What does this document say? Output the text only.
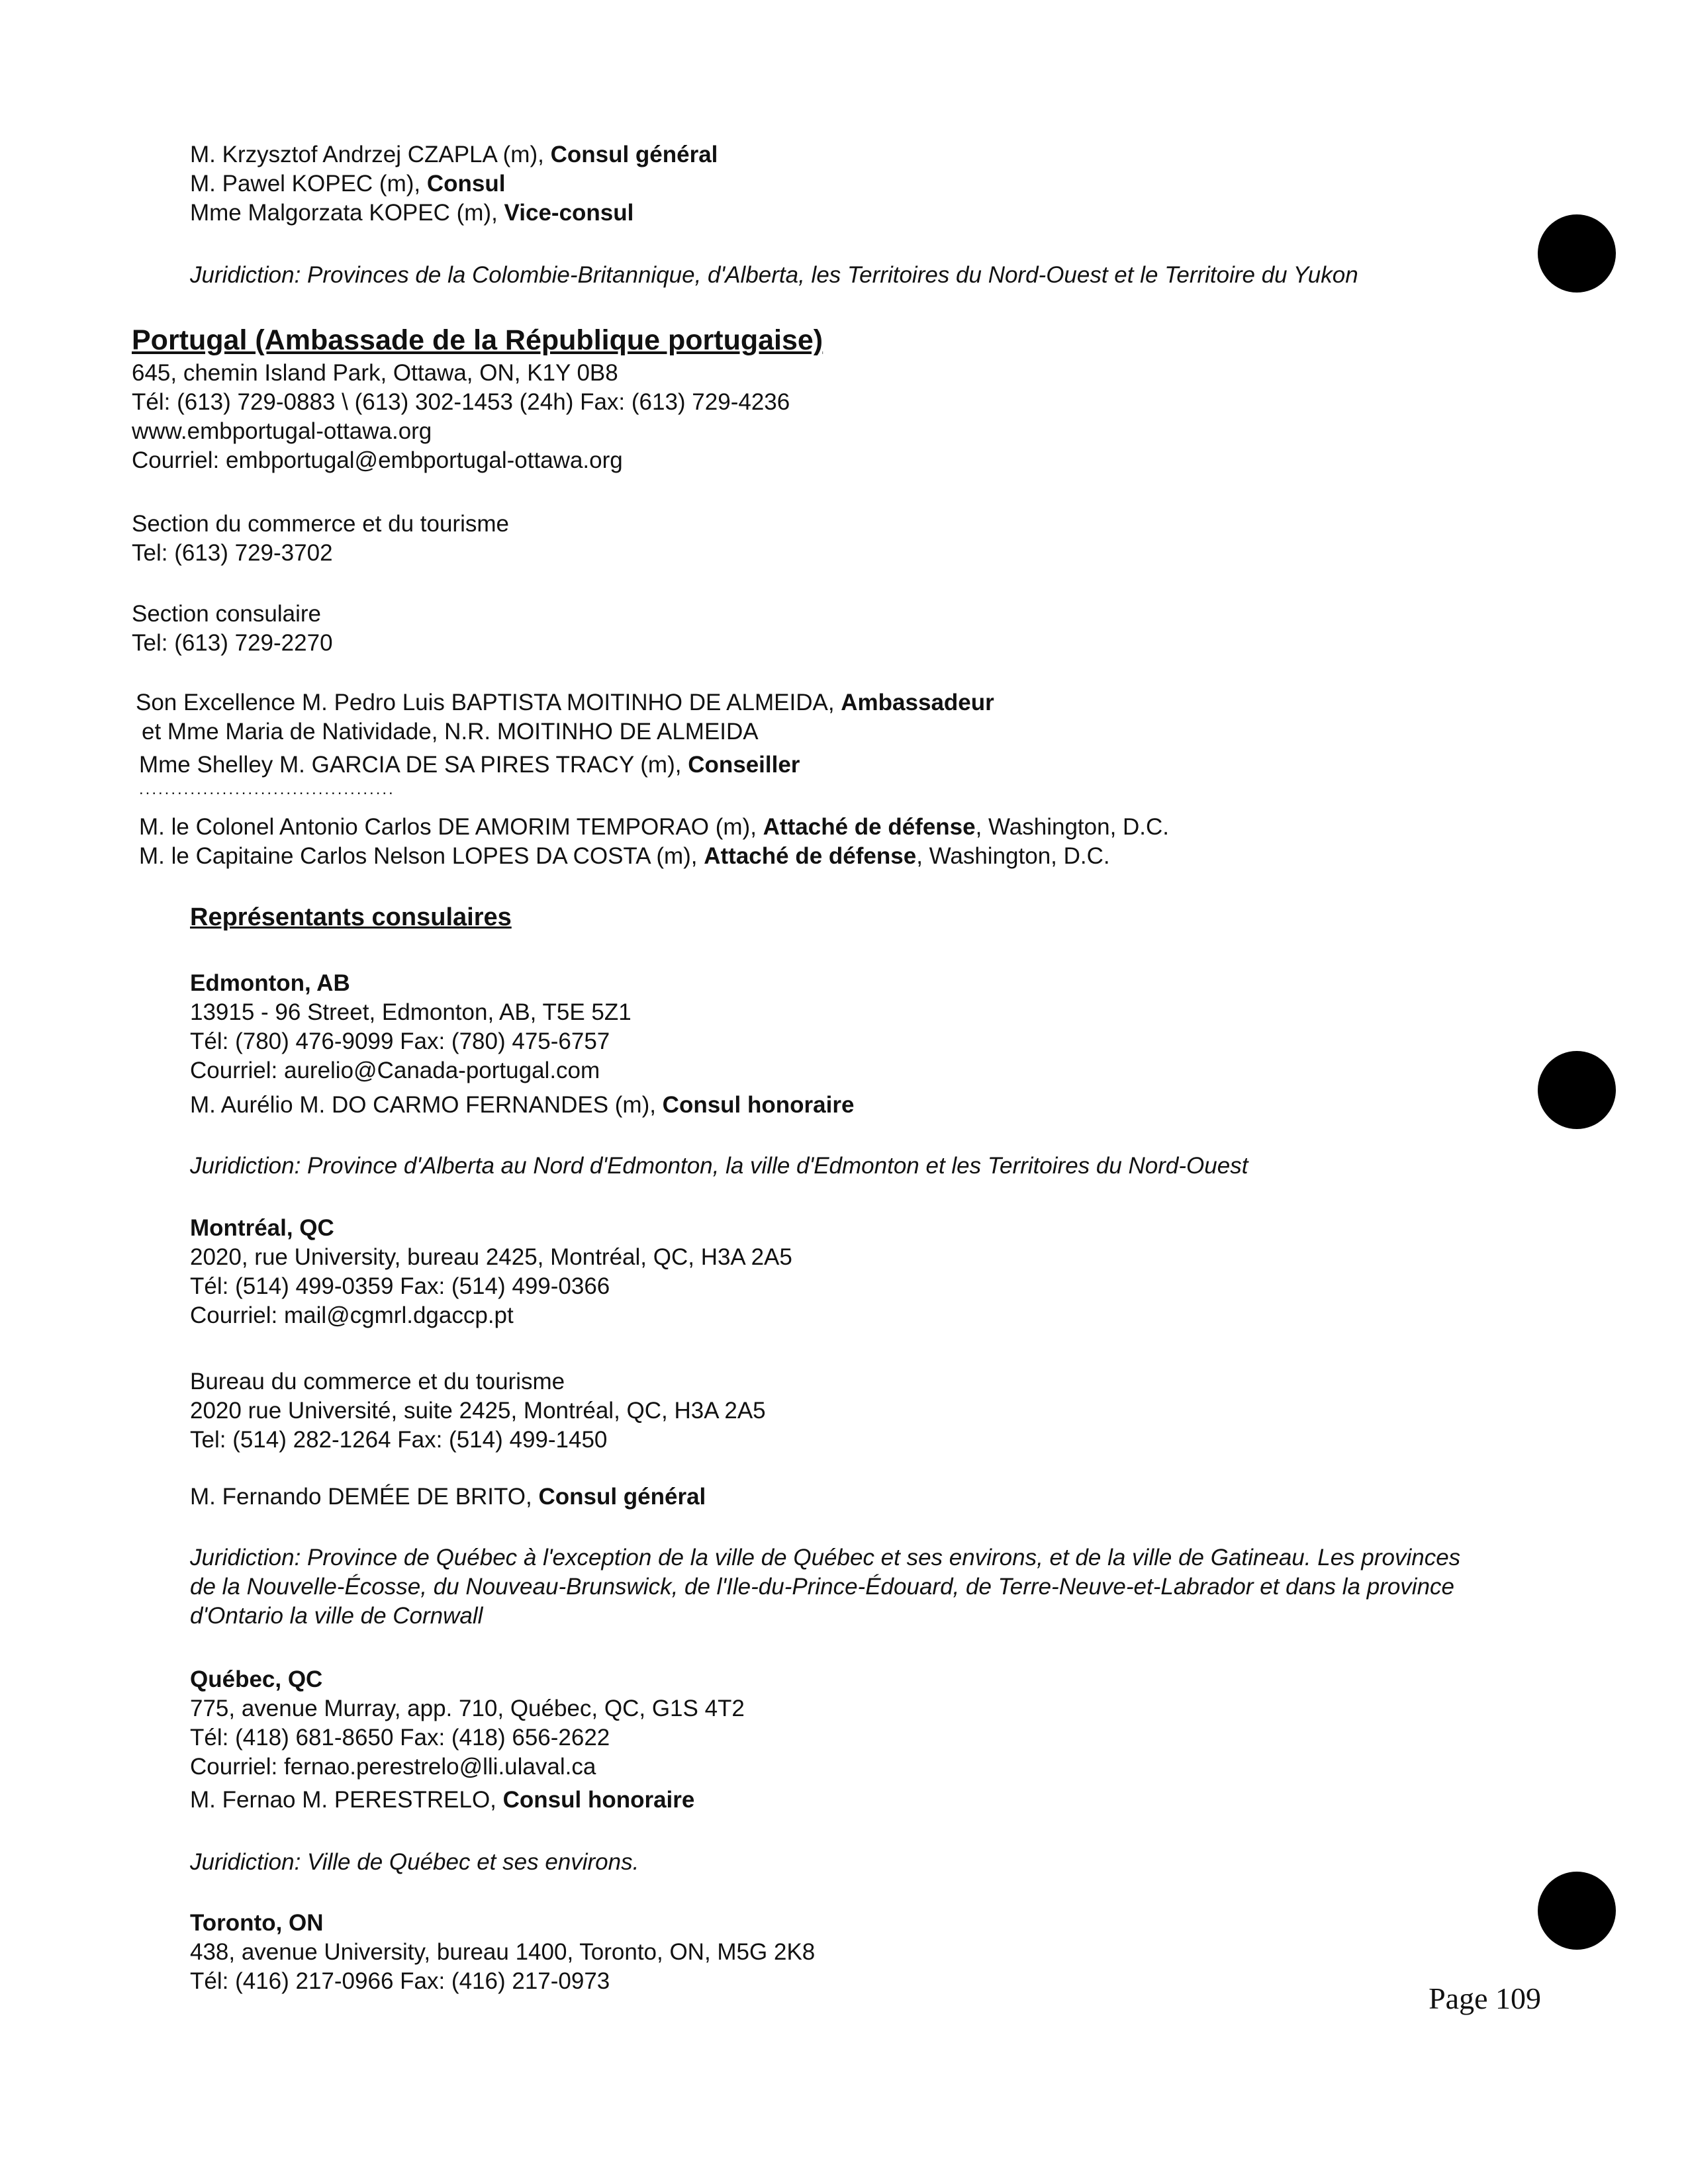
M. Krzysztof Andrzej CZAPLA (m), Consul général
M. Pawel KOPEC (m), Consul
Mme Malgorzata KOPEC (m), Vice-consul
Juridiction: Provinces de la Colombie-Britannique, d'Alberta, les Territoires du Nord-Ouest et le Territoire du Yukon
Portugal (Ambassade de la République portugaise)
645, chemin Island Park, Ottawa, ON, K1Y 0B8
Tél: (613) 729-0883 \ (613) 302-1453 (24h) Fax: (613) 729-4236
www.embportugal-ottawa.org
Courriel: embportugal@embportugal-ottawa.org
Section du commerce et du tourisme
Tel: (613) 729-3702
Section consulaire
Tel: (613) 729-2270
Son Excellence M. Pedro Luis BAPTISTA MOITINHO DE ALMEIDA, Ambassadeur
et Mme Maria de Natividade, N.R. MOITINHO DE ALMEIDA
Mme Shelley M. GARCIA DE SA PIRES TRACY (m), Conseiller
........................................
M. le Colonel Antonio Carlos DE AMORIM TEMPORAO (m), Attaché de défense, Washington, D.C.
M. le Capitaine Carlos Nelson LOPES DA COSTA (m), Attaché de défense, Washington, D.C.
Représentants consulaires
Edmonton, AB
13915 - 96 Street, Edmonton, AB, T5E 5Z1
Tél: (780) 476-9099 Fax: (780) 475-6757
Courriel: aurelio@Canada-portugal.com
M. Aurélio M. DO CARMO FERNANDES (m), Consul honoraire
Juridiction: Province d'Alberta au Nord d'Edmonton, la ville d'Edmonton et les Territoires du Nord-Ouest
Montréal, QC
2020, rue University, bureau 2425, Montréal, QC, H3A 2A5
Tél: (514) 499-0359 Fax: (514) 499-0366
Courriel: mail@cgmrl.dgaccp.pt
Bureau du commerce et du tourisme
2020 rue Université, suite 2425, Montréal, QC, H3A 2A5
Tel: (514) 282-1264 Fax: (514) 499-1450
M. Fernando DEMÉE DE BRITO, Consul général
Juridiction: Province de Québec à l'exception de la ville de Québec et ses environs, et de la ville de Gatineau. Les provinces de la Nouvelle-Écosse, du Nouveau-Brunswick, de l'Ile-du-Prince-Édouard, de Terre-Neuve-et-Labrador et dans la province d'Ontario la ville de Cornwall
Québec, QC
775, avenue Murray, app. 710, Québec, QC, G1S 4T2
Tél: (418) 681-8650 Fax: (418) 656-2622
Courriel: fernao.perestrelo@lli.ulaval.ca
M. Fernao M. PERESTRELO, Consul honoraire
Juridiction: Ville de Québec et ses environs.
Toronto, ON
438, avenue University, bureau 1400, Toronto, ON, M5G 2K8
Tél: (416) 217-0966 Fax: (416) 217-0973
Page 109
